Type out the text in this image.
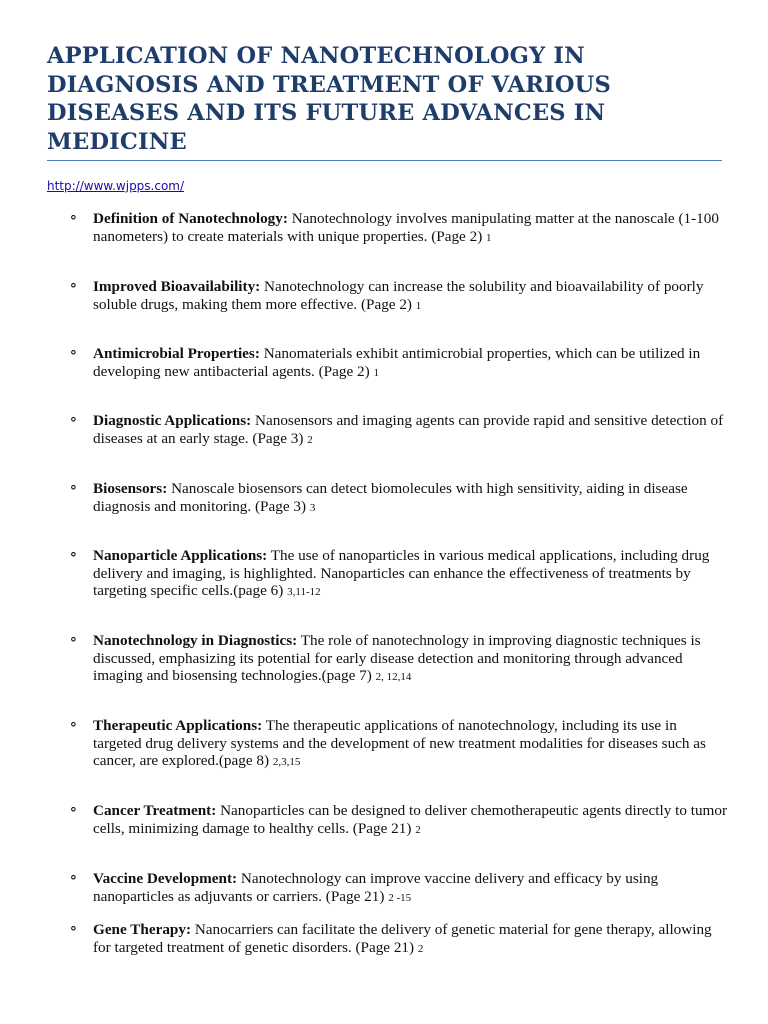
APPLICATION OF NANOTECHNOLOGY IN DIAGNOSIS AND TREATMENT OF VARIOUS DISEASES AND ITS FUTURE ADVANCES IN MEDICINE
http://www.wjpps.com/
⚬ Definition of Nanotechnology: Nanotechnology involves manipulating matter at the nanoscale (1-100 nanometers) to create materials with unique properties. (Page 2) 1
⚬ Improved Bioavailability: Nanotechnology can increase the solubility and bioavailability of poorly soluble drugs, making them more effective. (Page 2) 1
⚬ Antimicrobial Properties: Nanomaterials exhibit antimicrobial properties, which can be utilized in developing new antibacterial agents. (Page 2) 1
⚬ Diagnostic Applications: Nanosensors and imaging agents can provide rapid and sensitive detection of diseases at an early stage. (Page 3) 2
⚬ Biosensors: Nanoscale biosensors can detect biomolecules with high sensitivity, aiding in disease diagnosis and monitoring. (Page 3) 3
⚬ Nanoparticle Applications: The use of nanoparticles in various medical applications, including drug delivery and imaging, is highlighted. Nanoparticles can enhance the effectiveness of treatments by targeting specific cells.(page 6) 3,11-12
⚬ Nanotechnology in Diagnostics: The role of nanotechnology in improving diagnostic techniques is discussed, emphasizing its potential for early disease detection and monitoring through advanced imaging and biosensing technologies.(page 7) 2, 12,14
⚬ Therapeutic Applications: The therapeutic applications of nanotechnology, including its use in targeted drug delivery systems and the development of new treatment modalities for diseases such as cancer, are explored.(page 8) 2,3,15
⚬ Cancer Treatment: Nanoparticles can be designed to deliver chemotherapeutic agents directly to tumor cells, minimizing damage to healthy cells. (Page 21) 2
⚬ Vaccine Development: Nanotechnology can improve vaccine delivery and efficacy by using nanoparticles as adjuvants or carriers. (Page 21) 2 -15
⚬ Gene Therapy: Nanocarriers can facilitate the delivery of genetic material for gene therapy, allowing for targeted treatment of genetic disorders. (Page 21) 2
